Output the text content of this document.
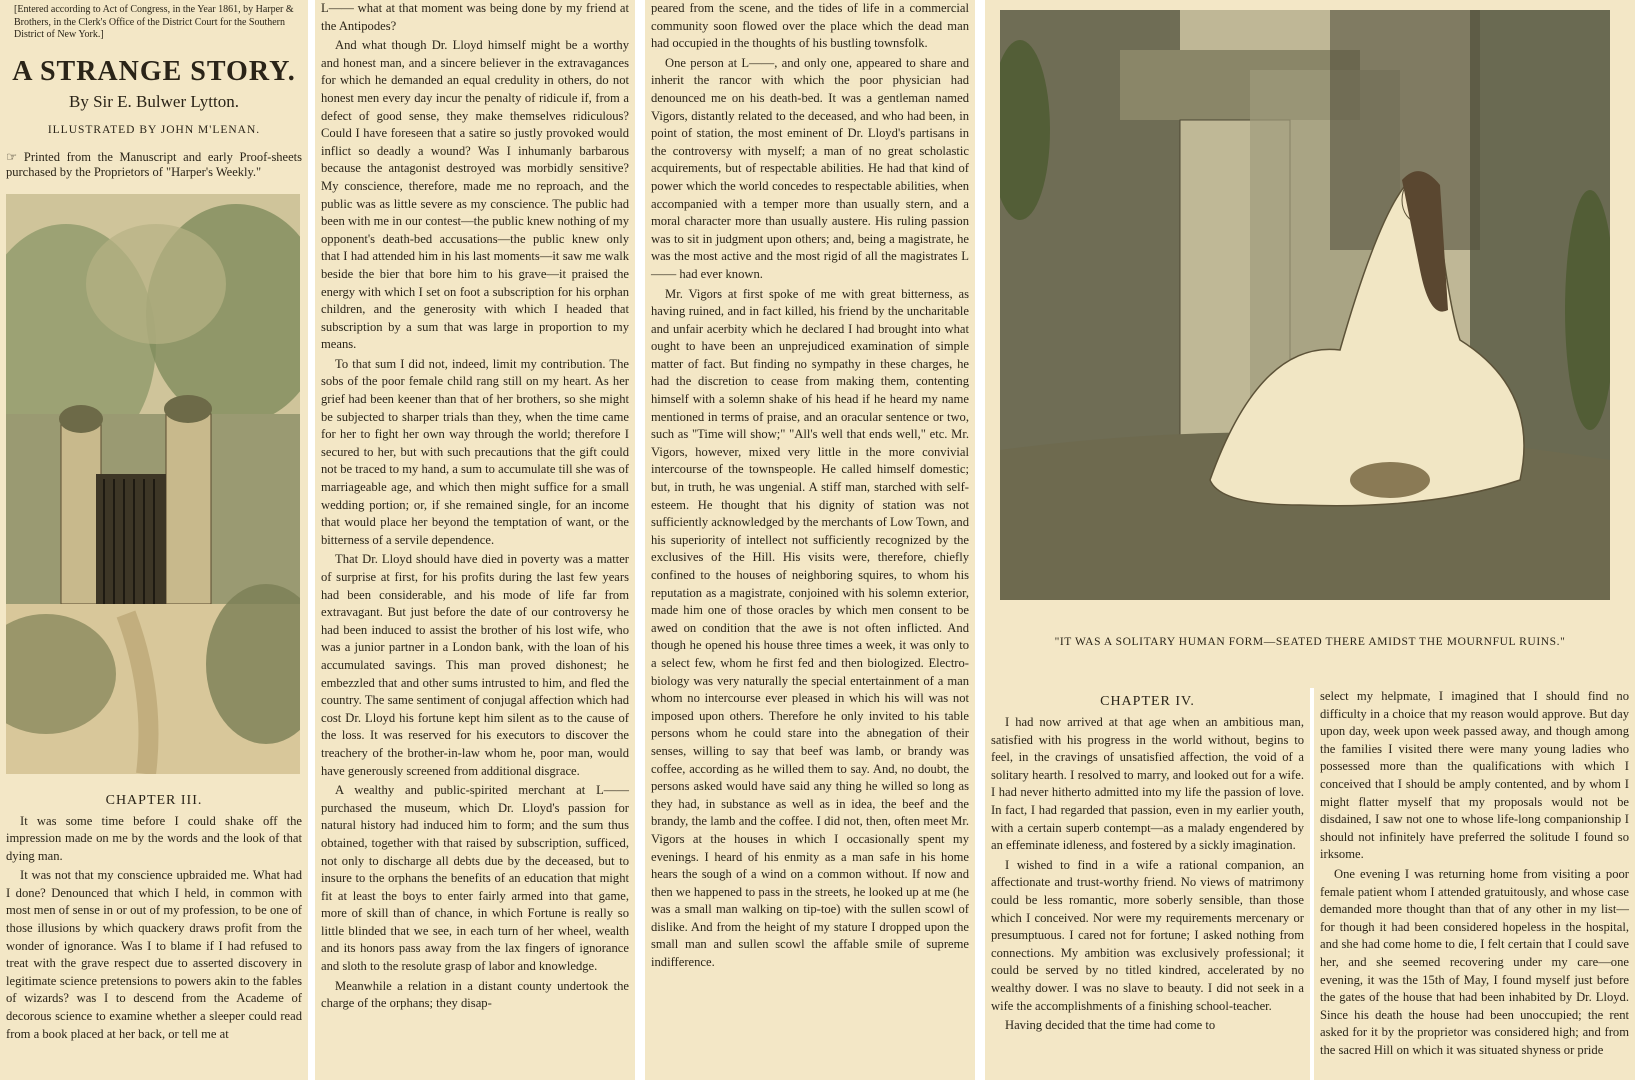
[Entered according to Act of Congress, in the Year 1861, by Harper & Brothers, in the Clerk's Office of the District Court for the Southern District of New York.]
A STRANGE STORY.
By Sir E. Bulwer Lytton.
ILLUSTRATED BY JOHN M'LENAN.
☞ Printed from the Manuscript and early Proof-sheets purchased by the Proprietors of "Harper's Weekly."
CHAPTER III.

It was some time before I could shake off the impression made on me by the words and the look of that dying man.

It was not that my conscience upbraided me. What had I done? Denounced that which I held, in common with most men of sense in or out of my profession, to be one of those illusions by which quackery draws profit from the wonder of ignorance. Was I to blame if I had refused to treat with the grave respect due to asserted discovery in legitimate science pretensions to powers akin to the fables of wizards? was I to descend from the Academe of decorous science to examine whether a sleeper could read from a book placed at her back, or tell me at

L—— what at that moment was being done by my friend at the Antipodes?

And what though Dr. Lloyd himself might be a worthy and honest man, and a sincere believer in the extravagances for which he demanded an equal credulity in others, do not honest men every day incur the penalty of ridicule if, from a defect of good sense, they make themselves ridiculous? Could I have foreseen that a satire so justly provoked would inflict so deadly a wound? Was I inhumanly barbarous because the antagonist destroyed was morbidly sensitive? My conscience, therefore, made me no reproach, and the public was as little severe as my conscience. The public had been with me in our contest—the public knew nothing of my opponent's death-bed accusations—the public knew only that I had attended him in his last moments—it saw me walk beside the bier that bore him to his grave—it praised the energy with which I set on foot a subscription for his orphan children, and the generosity with which I headed that subscription by a sum that was large in proportion to my means.

To that sum I did not, indeed, limit my contribution. The sobs of the poor female child rang still on my heart. As her grief had been keener than that of her brothers, so she might be subjected to sharper trials than they, when the time came for her to fight her own way through the world; therefore I secured to her, but with such precautions that the gift could not be traced to my hand, a sum to accumulate till she was of marriageable age, and which then might suffice for a small wedding portion; or, if she remained single, for an income that would place her beyond the temptation of want, or the bitterness of a servile dependence.

That Dr. Lloyd should have died in poverty was a matter of surprise at first, for his profits during the last few years had been considerable, and his mode of life far from extravagant. But just before the date of our controversy he had been induced to assist the brother of his lost wife, who was a junior partner in a London bank, with the loan of his accumulated savings. This man proved dishonest; he embezzled that and other sums intrusted to him, and fled the country. The same sentiment of conjugal affection which had cost Dr. Lloyd his fortune kept him silent as to the cause of the loss. It was reserved for his executors to discover the treachery of the brother-in-law whom he, poor man, would have generously screened from additional disgrace.

A wealthy and public-spirited merchant at L—— purchased the museum, which Dr. Lloyd's passion for natural history had induced him to form; and the sum thus obtained, together with that raised by subscription, sufficed, not only to discharge all debts due by the deceased, but to insure to the orphans the benefits of an education that might fit at least the boys to enter fairly armed into that game, more of skill than of chance, in which Fortune is really so little blinded that we see, in each turn of her wheel, wealth and its honors pass away from the lax fingers of ignorance and sloth to the resolute grasp of labor and knowledge.

Meanwhile a relation in a distant county undertook the charge of the orphans; they disap-

peared from the scene, and the tides of life in a commercial community soon flowed over the place which the dead man had occupied in the thoughts of his bustling townsfolk.

One person at L——, and only one, appeared to share and inherit the rancor with which the poor physician had denounced me on his death-bed. It was a gentleman named Vigors, distantly related to the deceased, and who had been, in point of station, the most eminent of Dr. Lloyd's partisans in the controversy with myself; a man of no great scholastic acquirements, but of respectable abilities. He had that kind of power which the world concedes to respectable abilities, when accompanied with a temper more than usually stern, and a moral character more than usually austere. His ruling passion was to sit in judgment upon others; and, being a magistrate, he was the most active and the most rigid of all the magistrates L—— had ever known.

Mr. Vigors at first spoke of me with great bitterness, as having ruined, and in fact killed, his friend by the uncharitable and unfair acerbity which he declared I had brought into what ought to have been an unprejudiced examination of simple matter of fact. But finding no sympathy in these charges, he had the discretion to cease from making them, contenting himself with a solemn shake of his head if he heard my name mentioned in terms of praise, and an oracular sentence or two, such as "Time will show;" "All's well that ends well," etc. Mr. Vigors, however, mixed very little in the more convivial intercourse of the townspeople. He called himself domestic; but, in truth, he was ungenial. A stiff man, starched with self-esteem. He thought that his dignity of station was not sufficiently acknowledged by the merchants of Low Town, and his superiority of intellect not sufficiently recognized by the exclusives of the Hill. His visits were, therefore, chiefly confined to the houses of neighboring squires, to whom his reputation as a magistrate, conjoined with his solemn exterior, made him one of those oracles by which men consent to be awed on condition that the awe is not often inflicted. And though he opened his house three times a week, it was only to a select few, whom he first fed and then biologized. Electro-biology was very naturally the special entertainment of a man whom no intercourse ever pleased in which his will was not imposed upon others. Therefore he only invited to his table persons whom he could stare into the abnegation of their senses, willing to say that beef was lamb, or brandy was coffee, according as he willed them to say. And, no doubt, the persons asked would have said any thing he willed so long as they had, in substance as well as in idea, the beef and the brandy, the lamb and the coffee. I did not, then, often meet Mr. Vigors at the houses in which I occasionally spent my evenings. I heard of his enmity as a man safe in his home hears the sough of a wind on a common without. If now and then we happened to pass in the streets, he looked up at me (he was a small man walking on tip-toe) with the sullen scowl of dislike. And from the height of my stature I dropped upon the small man and sullen scowl the affable smile of supreme indifference.

"IT WAS A SOLITARY HUMAN FORM—SEATED THERE AMIDST THE MOURNFUL RUINS."
CHAPTER IV.

I had now arrived at that age when an ambitious man, satisfied with his progress in the world without, begins to feel, in the cravings of unsatisfied affection, the void of a solitary hearth. I resolved to marry, and looked out for a wife. I had never hitherto admitted into my life the passion of love. In fact, I had regarded that passion, even in my earlier youth, with a certain superb contempt—as a malady engendered by an effeminate idleness, and fostered by a sickly imagination.

I wished to find in a wife a rational companion, an affectionate and trust-worthy friend. No views of matrimony could be less romantic, more soberly sensible, than those which I conceived. Nor were my requirements mercenary or presumptuous. I cared not for fortune; I asked nothing from connections. My ambition was exclusively professional; it could be served by no titled kindred, accelerated by no wealthy dower. I was no slave to beauty. I did not seek in a wife the accomplishments of a finishing school-teacher.

Having decided that the time had come to

select my helpmate, I imagined that I should find no difficulty in a choice that my reason would approve. But day upon day, week upon week passed away, and though among the families I visited there were many young ladies who possessed more than the qualifications with which I conceived that I should be amply contented, and by whom I might flatter myself that my proposals would not be disdained, I saw not one to whose life-long companionship I should not infinitely have preferred the solitude I found so irksome.

One evening I was returning home from visiting a poor female patient whom I attended gratuitously, and whose case demanded more thought than that of any other in my list—for though it had been considered hopeless in the hospital, and she had come home to die, I felt certain that I could save her, and she seemed recovering under my care—one evening, it was the 15th of May, I found myself just before the gates of the house that had been inhabited by Dr. Lloyd. Since his death the house had been unoccupied; the rent asked for it by the proprietor was considered high; and from the sacred Hill on which it was situated shyness or pride
